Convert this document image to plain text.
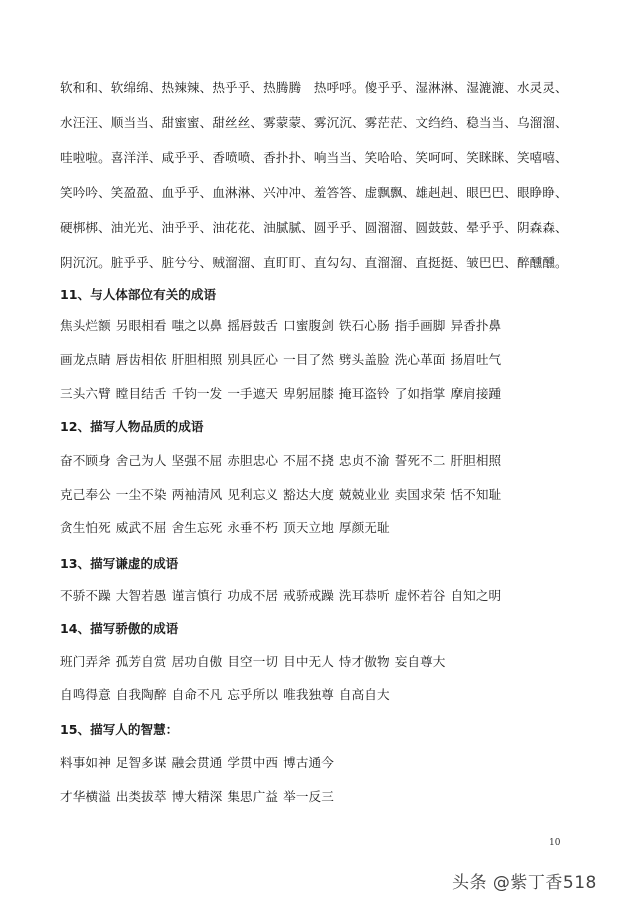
软和和、软绵绵、热辣辣、热乎乎、热腾腾　热呼呼。傻乎乎、湿淋淋、湿漉漉、水灵灵、
水汪汪、顺当当、甜蜜蜜、甜丝丝、雾蒙蒙、雾沉沉、雾茫茫、文绉绉、稳当当、乌溜溜、
哇啦啦。喜洋洋、咸乎乎、香喷喷、香扑扑、响当当、笑哈哈、笑呵呵、笑眯眯、笑嘻嘻、
笑吟吟、笑盈盈、血乎乎、血淋淋、兴冲冲、羞答答、虚飘飘、雄赳赳、眼巴巴、眼睁睁、
硬梆梆、油光光、油乎乎、油花花、油腻腻、圆乎乎、圆溜溜、圆鼓鼓、晕乎乎、阴森森、
阴沉沉。脏乎乎、脏兮兮、贼溜溜、直盯盯、直勾勾、直溜溜、直挺挺、皱巴巴、醉醺醺。
11、与人体部位有关的成语
焦头烂额 另眼相看 嗤之以鼻 摇唇鼓舌 口蜜腹剑 铁石心肠 指手画脚 异香扑鼻
画龙点睛 唇齿相依 肝胆相照 别具匠心 一目了然 劈头盖脸 洗心革面 扬眉吐气
三头六臂 瞠目结舌 千钧一发 一手遮天 卑躬屈膝 掩耳盗铃 了如指掌 摩肩接踵
12、描写人物品质的成语
奋不顾身 舍己为人 坚强不屈 赤胆忠心 不屈不挠 忠贞不渝 誓死不二 肝胆相照
克己奉公 一尘不染 两袖清风 见利忘义 豁达大度 兢兢业业 卖国求荣 恬不知耻
贪生怕死 威武不屈 舍生忘死 永垂不朽 顶天立地 厚颜无耻
13、描写谦虚的成语
不骄不躁 大智若愚 谨言慎行 功成不居 戒骄戒躁 洗耳恭听 虚怀若谷 自知之明
14、描写骄傲的成语
班门弄斧 孤芳自赏 居功自傲 目空一切 目中无人 恃才傲物 妄自尊大
自鸣得意 自我陶醉 自命不凡 忘乎所以 唯我独尊 自高自大
15、描写人的智慧：
料事如神 足智多谋 融会贯通 学贯中西 博古通今
才华横溢 出类拔萃 博大精深 集思广益 举一反三
10
头条 @紫丁香518
